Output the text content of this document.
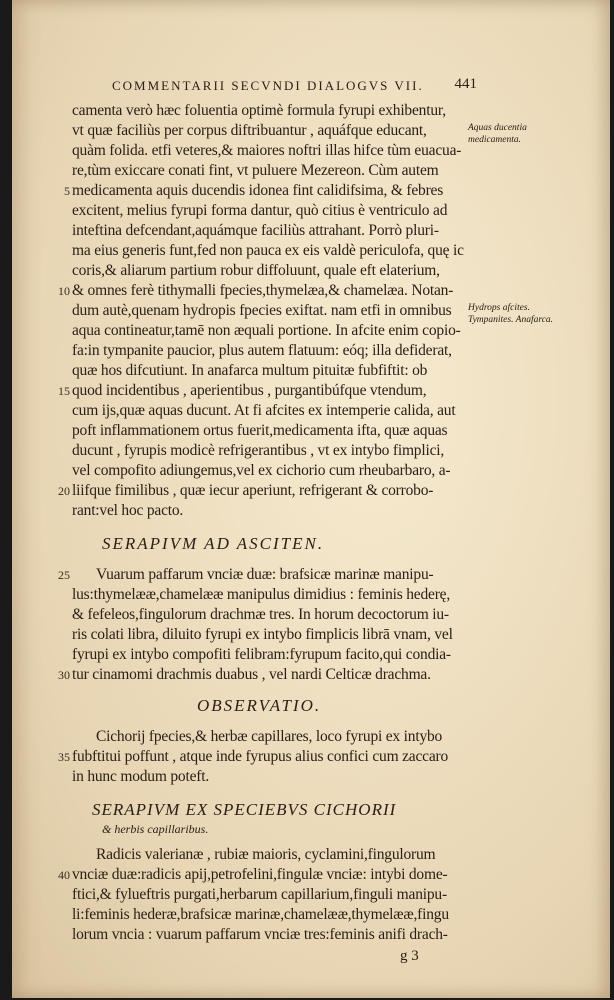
COMMENTARII SECVNDI DIALOGVS VII.	441
camenta verò hæc foluentia optimè formula fyrupi exhibentur,
vt quæ faciliùs per corpus diftribuantur , aquáfque educant,
quàm folida. etfi veteres,& maiores noftri illas hifce tùm euacua-
re,tùm exiccare conati fint, vt puluere Mezereon. Cùm autem
medicamenta aquis ducendis idonea fint calidifsima, & febres
excitent, melius fyrupi forma dantur, quò citius è ventriculo ad
inteftina defcendant,aquámque faciliùs attrahant. Porrò pluri-
ma eius generis funt,fed non pauca ex eis valdè periculofa, quę ic
coris,& aliarum partium robur diffoluunt, quale eft elaterium,
& omnes ferè tithymalli fpecies,thymelæa,& chamelæa. Notan-
dum autè,quenam hydropis fpecies exiftat. nam etfi in omnibus
aqua contineatur,tamē non æquali portione. In afcite enim copio-
fa:in tympanite paucior, plus autem flatuum: eóq; illa defiderat,
quæ hos difcutiunt. In anafarca multum pituitæ fubfiftit: ob
quod incidentibus , aperientibus , purgantibúfque vtendum,
cum ijs,quæ aquas ducunt. At fi afcites ex intemperie calida, aut
poft inflammationem ortus fuerit,medicamenta ifta, quæ aquas
ducunt , fyrupis modicè refrigerantibus , vt ex intybo fimplici,
vel compofito adiungemus,vel ex cichorio cum rheubarbaro, a-
liifque fimilibus , quæ iecur aperiunt, refrigerant & corrobo-
rant:vel hoc pacto.
SERAPIVM AD ASCITEN.
Vuarum paffarum vnciæ duæ: brafsicæ marinæ manipu-
lus:thymelææ,chamelææ manipulus dimidius : feminis hederę,
& fefeleos,fingulorum drachmæ tres. In horum decoctorum iu-
ris colati libra, diluito fyrupi ex intybo fimplicis librā vnam, vel
fyrupi ex intybo compofiti felibram:fyrupum facito,qui condia-
tur cinamomi drachmis duabus , vel nardi Celticæ drachma.
OBSERVATIO.
Cichorij fpecies,& herbæ capillares, loco fyrupi ex intybo
fubftitui poffunt , atque inde fyrupus alius confici cum zaccaro
in hunc modum poteft.
SERAPIVM EX SPECIEBVS CICHORII
& herbis capillaribus.
Radicis valerianæ , rubiæ maioris, cyclamini,fingulorum
vnciæ duæ:radicis apij,petrofelini,fingulæ vnciæ: intybi dome-
ftici,& fylueftris purgati,herbarum capillarium,finguli manipu-
li:feminis hederæ,brafsicæ marinæ,chamelææ,thymelææ,fingu
lorum vncia : vuarum paffarum vnciæ tres:feminis anifi drach-
g 3
5
10
15
20
25
30
35
40
Aquas ducentia medicamenta.
Hydrops afcites. Tympanites. Anafarca.
